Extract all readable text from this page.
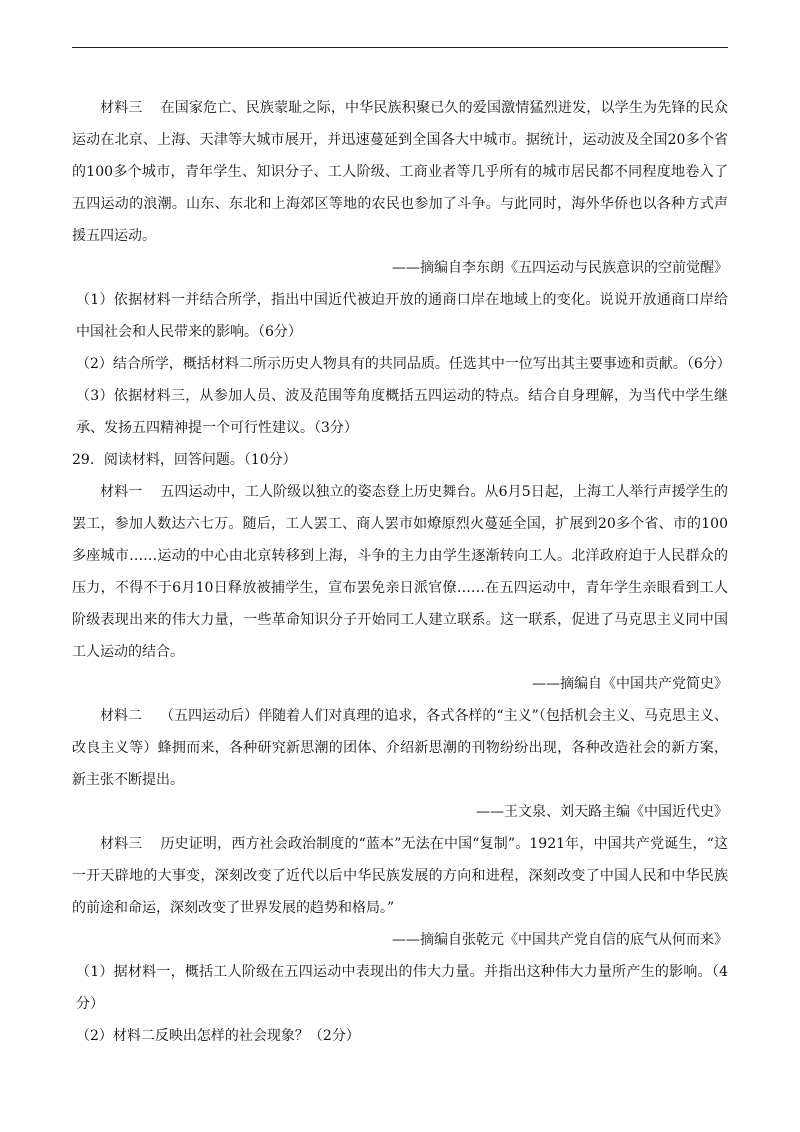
材料三 在国家危亡、民族蒙耻之际，中华民族积聚已久的爱国激情猛烈迸发，以学生为先锋的民众运动在北京、上海、天津等大城市展开，并迅速蔓延到全国各大中城市。据统计，运动波及全国20多个省的100多个城市，青年学生、知识分子、工人阶级、工商业者等几乎所有的城市居民都不同程度地卷入了五四运动的浪潮。山东、东北和上海郊区等地的农民也参加了斗争。与此同时，海外华侨也以各种方式声援五四运动。

——摘编自李东朗《五四运动与民族意识的空前觉醒》

（1）依据材料一并结合所学，指出中国近代被迫开放的通商口岸在地域上的变化。说说开放通商口岸给中国社会和人民带来的影响。（6分）

（2）结合所学，概括材料二所示历史人物具有的共同品质。任选其中一位写出其主要事迹和贡献。（6分）

（3）依据材料三，从参加人员、波及范围等角度概括五四运动的特点。结合自身理解，为当代中学生继承、发扬五四精神提一个可行性建议。（3分）

29．阅读材料，回答问题。（10分）

材料一 五四运动中，工人阶级以独立的姿态登上历史舞台。从6月5日起，上海工人举行声援学生的罢工，参加人数达六七万。随后，工人罢工、商人罢市如燎原烈火蔓延全国，扩展到20多个省、市的100多座城市……运动的中心由北京转移到上海，斗争的主力由学生逐渐转向工人。北洋政府迫于人民群众的压力，不得不于6月10日释放被捕学生，宣布罢免亲日派官僚……在五四运动中，青年学生亲眼看到工人阶级表现出来的伟大力量，一些革命知识分子开始同工人建立联系。这一联系，促进了马克思主义同中国工人运动的结合。

——摘编自《中国共产党简史》

材料二 （五四运动后）伴随着人们对真理的追求，各式各样的“主义”（包括机会主义、马克思主义、改良主义等）蜂拥而来，各种研究新思潮的团体、介绍新思潮的刊物纷纷出现，各种改造社会的新方案，新主张不断提出。

——王文泉、刘天路主编《中国近代史》

材料三 历史证明，西方社会政治制度的“蓝本”无法在中国“复制”。1921年，中国共产党诞生，“这一开天辟地的大事变，深刻改变了近代以后中华民族发展的方向和进程，深刻改变了中国人民和中华民族的前途和命运，深刻改变了世界发展的趋势和格局。”

——摘编自张乾元《中国共产党自信的底气从何而来》

（1）据材料一，概括工人阶级在五四运动中表现出的伟大力量。并指出这种伟大力量所产生的影响。（4分）

（2）材料二反映出怎样的社会现象？（2分）
